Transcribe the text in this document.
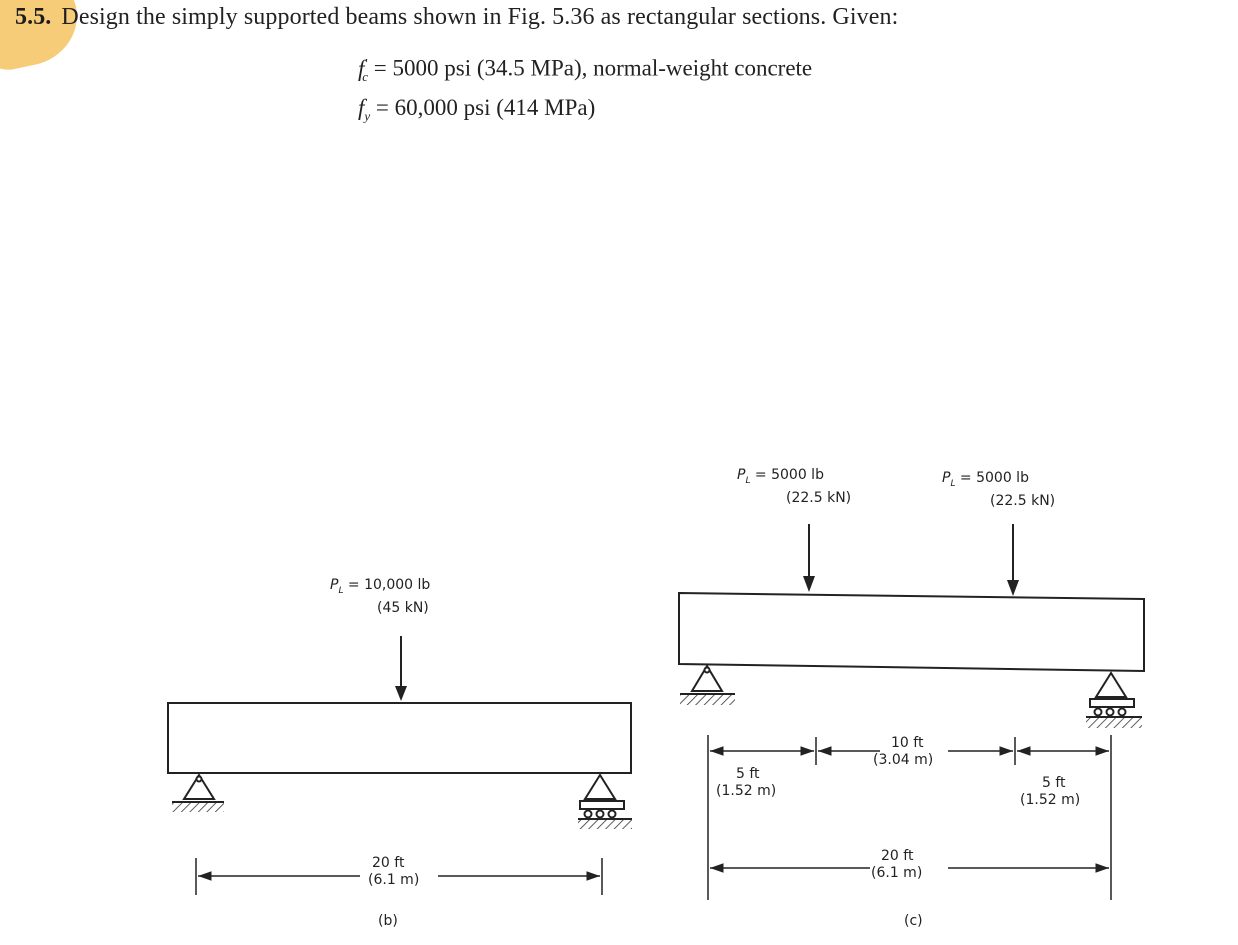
5.5. Design the simply supported beams shown in Fig. 5.36 as rectangular sections. Given:
$f'_c = 5000$ psi (34.5 MPa), normal-weight concrete
$f_y = 60,000$ psi (414 MPa)
$P_L = 10,000$ lb
(45 kN)
20 ft
(6.1 m)
(b)
$P_L = 5000$ lb
(22.5 kN)
$P_L = 5000$ lb
(22.5 kN)
5 ft
(1.52 m)
10 ft
(3.04 m)
5 ft
(1.52 m)
20 ft
(6.1 m)
(c)
